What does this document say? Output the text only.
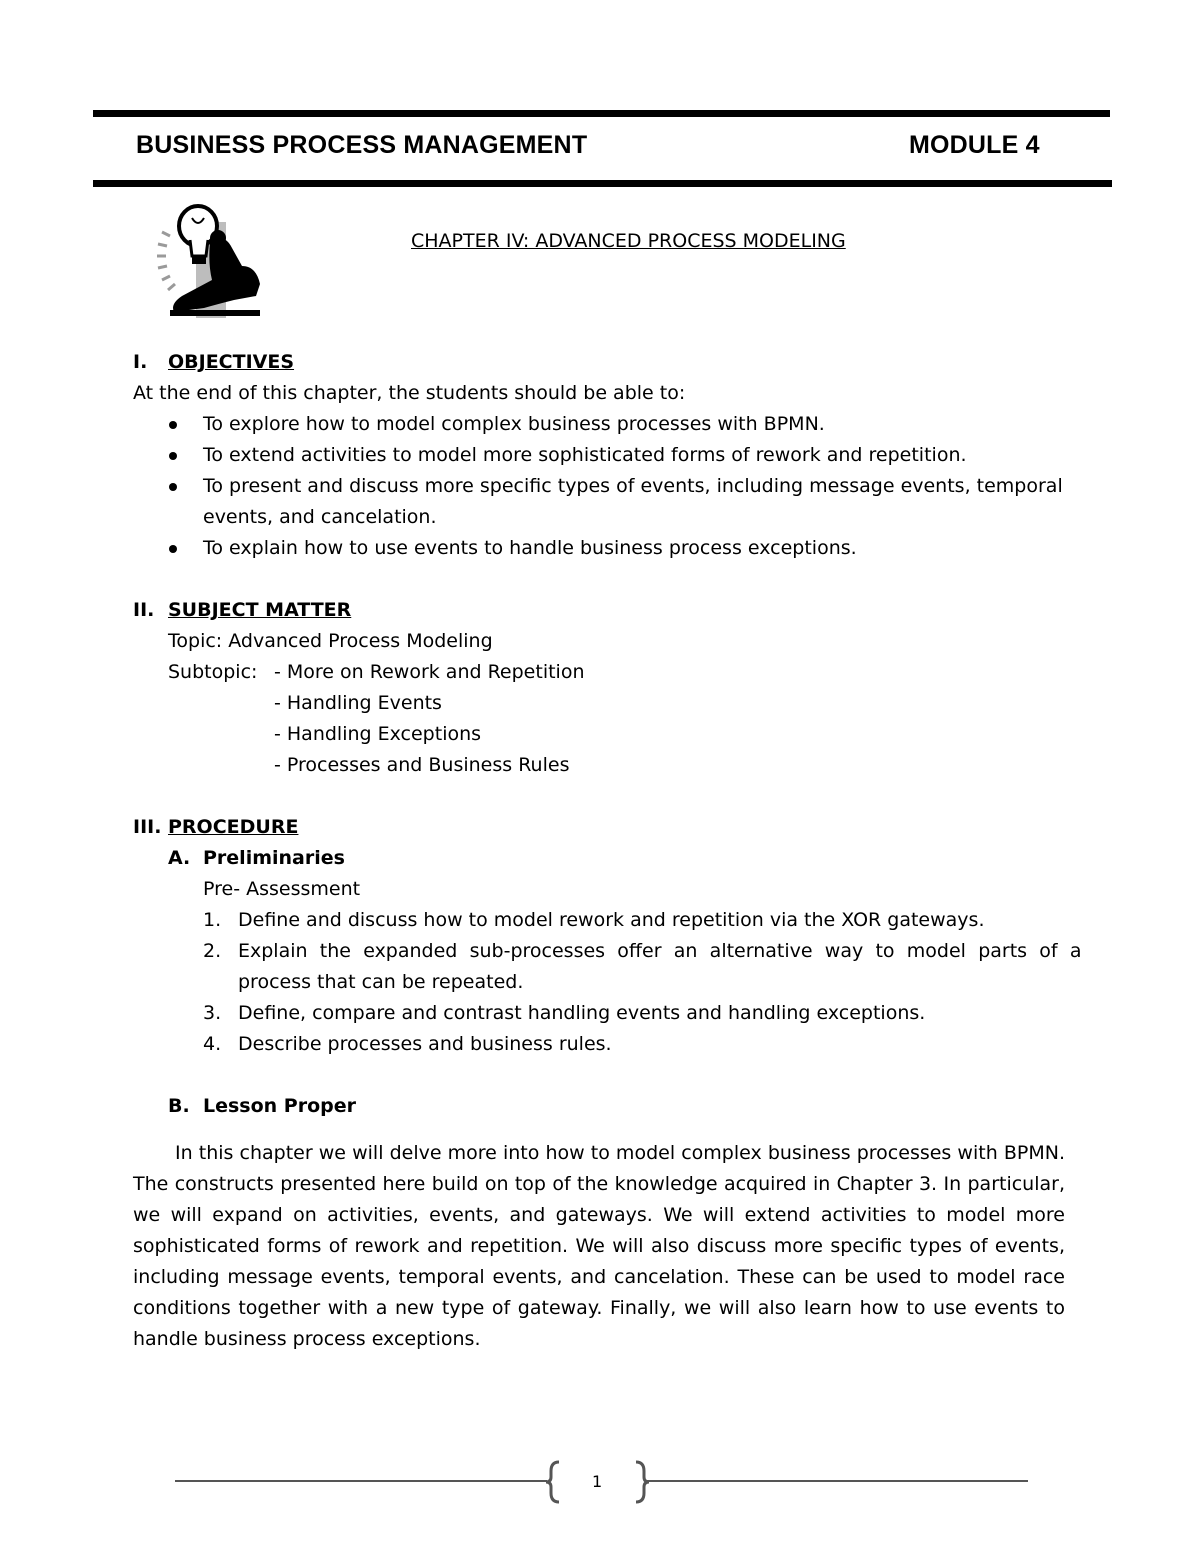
BUSINESS PROCESS MANAGEMENT	MODULE 4
CHAPTER IV: ADVANCED PROCESS MODELING
I. OBJECTIVES
At the end of this chapter, the students should be able to:
To explore how to model complex business processes with BPMN.
To extend activities to model more sophisticated forms of rework and repetition.
To present and discuss more specific types of events, including message events, temporal
events, and cancelation.
To explain how to use events to handle business process exceptions.
II. SUBJECT MATTER
Topic: Advanced Process Modeling
Subtopic: - More on Rework and Repetition
- Handling Events
- Handling Exceptions
- Processes and Business Rules
III. PROCEDURE
A. Preliminaries
Pre- Assessment
1. Define and discuss how to model rework and repetition via the XOR gateways.
2. Explain the expanded sub-processes offer an alternative way to model parts of a
process that can be repeated.
3. Define, compare and contrast handling events and handling exceptions.
4. Describe processes and business rules.
B. Lesson Proper
In this chapter we will delve more into how to model complex business processes with BPMN. The constructs presented here build on top of the knowledge acquired in Chapter 3. In particular, we will expand on activities, events, and gateways. We will extend activities to model more sophisticated forms of rework and repetition. We will also discuss more specific types of events, including message events, temporal events, and cancelation. These can be used to model race conditions together with a new type of gateway. Finally, we will also learn how to use events to handle business process exceptions.
1
